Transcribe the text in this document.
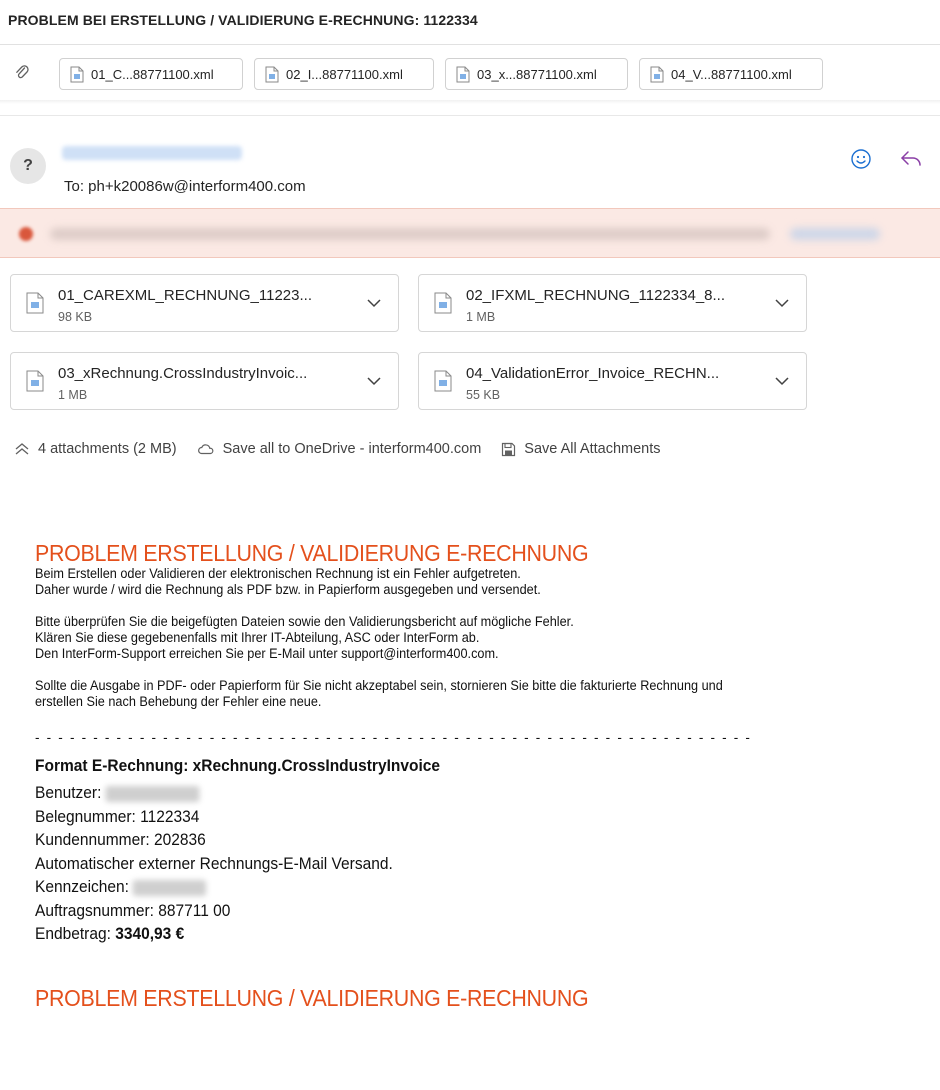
PROBLEM BEI ERSTELLUNG / VALIDIERUNG E-RECHNUNG: 1122334
01_C...88771100.xml	02_I...88771100.xml	03_x...88771100.xml	04_V...88771100.xml
?
To: ph+k20086w@interform400.com
01_CAREXML_RECHNUNG_11223...
98 KB
02_IFXML_RECHNUNG_1122334_8...
1 MB
03_xRechnung.CrossIndustryInvoic...
1 MB
04_ValidationError_Invoice_RECHN...
55 KB
4 attachments (2 MB)	Save all to OneDrive - interform400.com	Save All Attachments
PROBLEM ERSTELLUNG / VALIDIERUNG E-RECHNUNG
Beim Erstellen oder Validieren der elektronischen Rechnung ist ein Fehler aufgetreten.
Daher wurde / wird die Rechnung als PDF bzw. in Papierform ausgegeben und versendet.
Bitte überprüfen Sie die beigefügten Dateien sowie den Validierungsbericht auf mögliche Fehler.
Klären Sie diese gegebenenfalls mit Ihrer IT-Abteilung, ASC oder InterForm ab.
Den InterForm-Support erreichen Sie per E-Mail unter support@interform400.com.
Sollte die Ausgabe in PDF- oder Papierform für Sie nicht akzeptabel sein, stornieren Sie bitte die fakturierte Rechnung und
erstellen Sie nach Behebung der Fehler eine neue.
- - - - - - - - - - - - - - - - - - - - - - - - - - - - - - - - - - - - - - - - - - - - - - - - - - - - - - - - - - - - - -
Format E-Rechnung: xRechnung.CrossIndustryInvoice
Benutzer:
Belegnummer: 1122334
Kundennummer: 202836
Automatischer externer Rechnungs-E-Mail Versand.
Kennzeichen:
Auftragsnummer: 887711 00
Endbetrag: 3340,93 €
PROBLEM ERSTELLUNG / VALIDIERUNG E-RECHNUNG
